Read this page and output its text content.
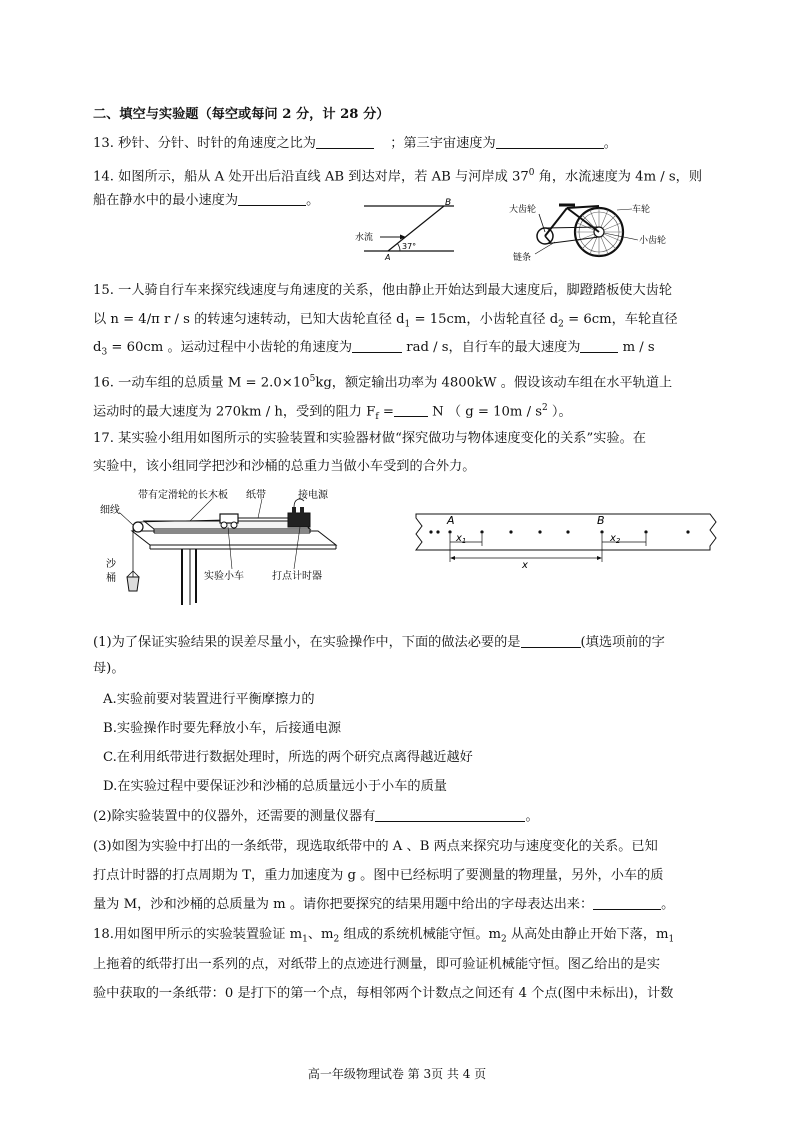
二、填空与实验题（每空或每问 2 分，计 28 分）
13. 秒针、分针、时针的角速度之比为	；第三宇宙速度为	。
14. 如图所示，船从 A 处开出后沿直线 AB 到达对岸，若 AB 与河岸成 $37^0$ 角，水流速度为 4m / s，则
船在静水中的最小速度为	。	B
A
水流
37°
大齿轮	车轮
小齿轮
链条
15. 一人骑自行车来探究线速度与角速度的关系，他由静止开始达到最大速度后，脚蹬踏板使大齿轮
以 n = 4/π r / s 的转速匀速转动，已知大齿轮直径 $d_1 = 15cm$，小齿轮直径 $d_2 = 6cm$，车轮直径
$d_3 = 60cm$ 。运动过程中小齿轮的角速度为	rad / s，自行车的最大速度为	m / s
16. 一动车组的总质量 $M = 2.0\times 10^5kg$，额定输出功率为 4800kW 。假设该动车组在水平轨道上
运动时的最大速度为 270km / h，受到的阻力 $F_f$ =	N （ $g = 10m / s^2$ ）。
17. 某实验小组用如图所示的实验装置和实验器材做“探究做功与物体速度变化的关系”实验。在
实验中，该小组同学把沙和沙桶的总重力当做小车受到的合外力。
带有定滑轮的长木板 纸带	接电源
细线
沙
桶	实验小车	打点计时器
A	B
$x_1$	$x_2$
x
(1)为了保证实验结果的误差尽量小，在实验操作中，下面的做法必要的是	(填选项前的字
母)。
A.实验前要对装置进行平衡摩擦力的
B.实验操作时要先释放小车，后接通电源
C.在利用纸带进行数据处理时，所选的两个研究点离得越近越好
D.在实验过程中要保证沙和沙桶的总质量远小于小车的质量
(2)除实验装置中的仪器外，还需要的测量仪器有	。
(3)如图为实验中打出的一条纸带，现选取纸带中的 A 、B 两点来探究功与速度变化的关系。已知
打点计时器的打点周期为 T，重力加速度为 g 。图中已经标明了要测量的物理量，另外，小车的质
量为 M，沙和沙桶的总质量为 m 。请你把要探究的结果用题中给出的字母表达出来：	。
18.用如图甲所示的实验装置验证 $m_1$、$m_2$ 组成的系统机械能守恒。$m_2$ 从高处由静止开始下落，$m_1$
上拖着的纸带打出一系列的点，对纸带上的点迹进行测量，即可验证机械能守恒。图乙给出的是实
验中获取的一条纸带：0 是打下的第一个点，每相邻两个计数点之间还有 4 个点(图中未标出)，计数
高一年级物理试卷 第 3页 共 4 页
